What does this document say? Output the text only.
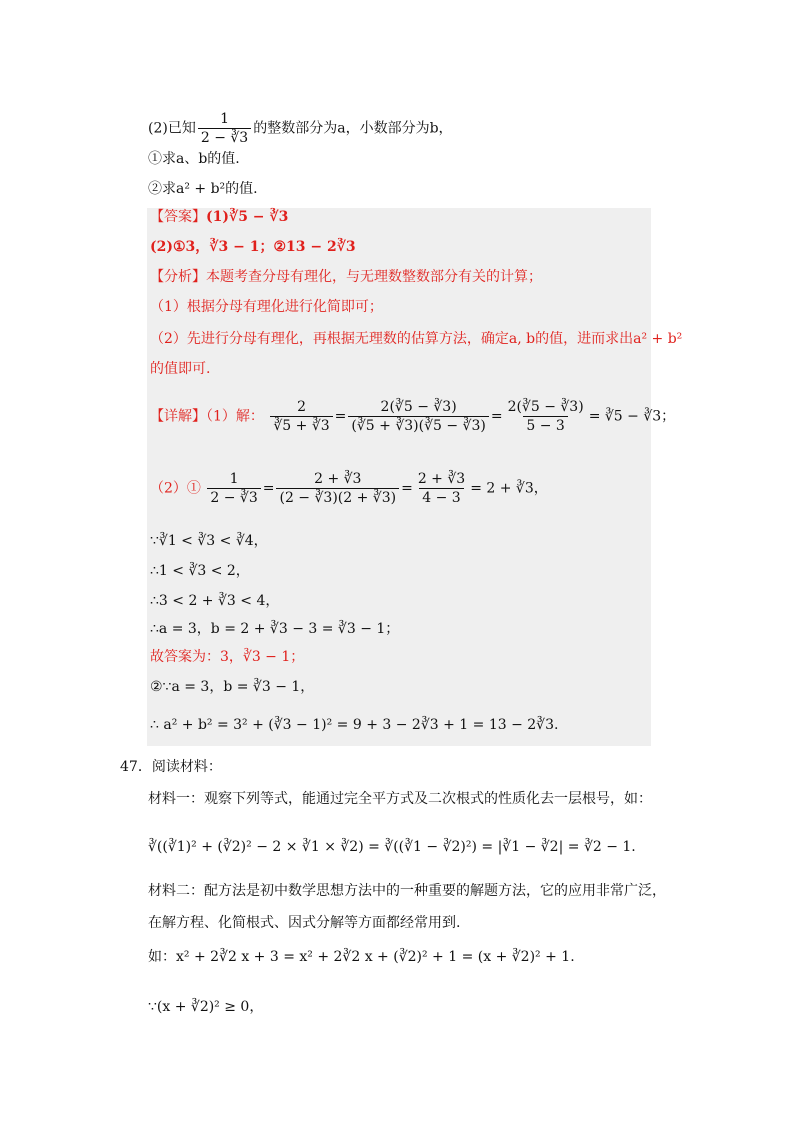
(2)已知 $\frac{1}{2 - ∛3}$ 的整数部分为a，小数部分为b，
①求a、b的值.
②求a² + b²的值.
【答案】(1)∛5 − ∛3
(2)①3，∛3 − 1；②13 − 2∛3
【分析】本题考查分母有理化，与无理数整数部分有关的计算；
（1）根据分母有理化进行化简即可；
（2）先进行分母有理化，再根据无理数的估算方法，确定a, b的值，进而求出a² + b²
的值即可.
【详解】（1）解： $\frac{2}{∛5 + ∛3} = \frac{2(∛5 - ∛3)}{(∛5 + ∛3)(∛5 - ∛3)} = \frac{2(∛5 - ∛3)}{5 - 3}$ = ∛5 − ∛3；
（2）① $\frac{1}{2 - ∛3} = \frac{2 + ∛3}{(2 - ∛3)(2 + ∛3)} = \frac{2 + ∛3}{4 - 3} = 2$ + ∛3，
∵∛1 < ∛3 < ∛4，
∴1 < ∛3 < 2，
∴3 < 2 + ∛3 < 4，
∴a = 3，b = 2 + ∛3 − 3 = ∛3 − 1；
故答案为：3，∛3 − 1；
②∵a = 3，b = ∛3 − 1，
∴ a² + b² = 3² + (∛3 − 1)² = 9 + 3 − 2∛3 + 1 = 13 − 2∛3.
47．阅读材料：
材料一：观察下列等式，能通过完全平方式及二次根式的性质化去一层根号，如：
∛((∛1)² + (∛2)² − 2 × ∛1 × ∛2) = ∛((∛1 − ∛2)²) = |∛1 − ∛2| = ∛2 − 1.
材料二：配方法是初中数学思想方法中的一种重要的解题方法，它的应用非常广泛，
在解方程、化简根式、因式分解等方面都经常用到.
如：x² + 2∛2 x + 3 = x² + 2∛2 x + (∛2)² + 1 = (x + ∛2)² + 1.
∵(x + ∛2)² ≥ 0，
